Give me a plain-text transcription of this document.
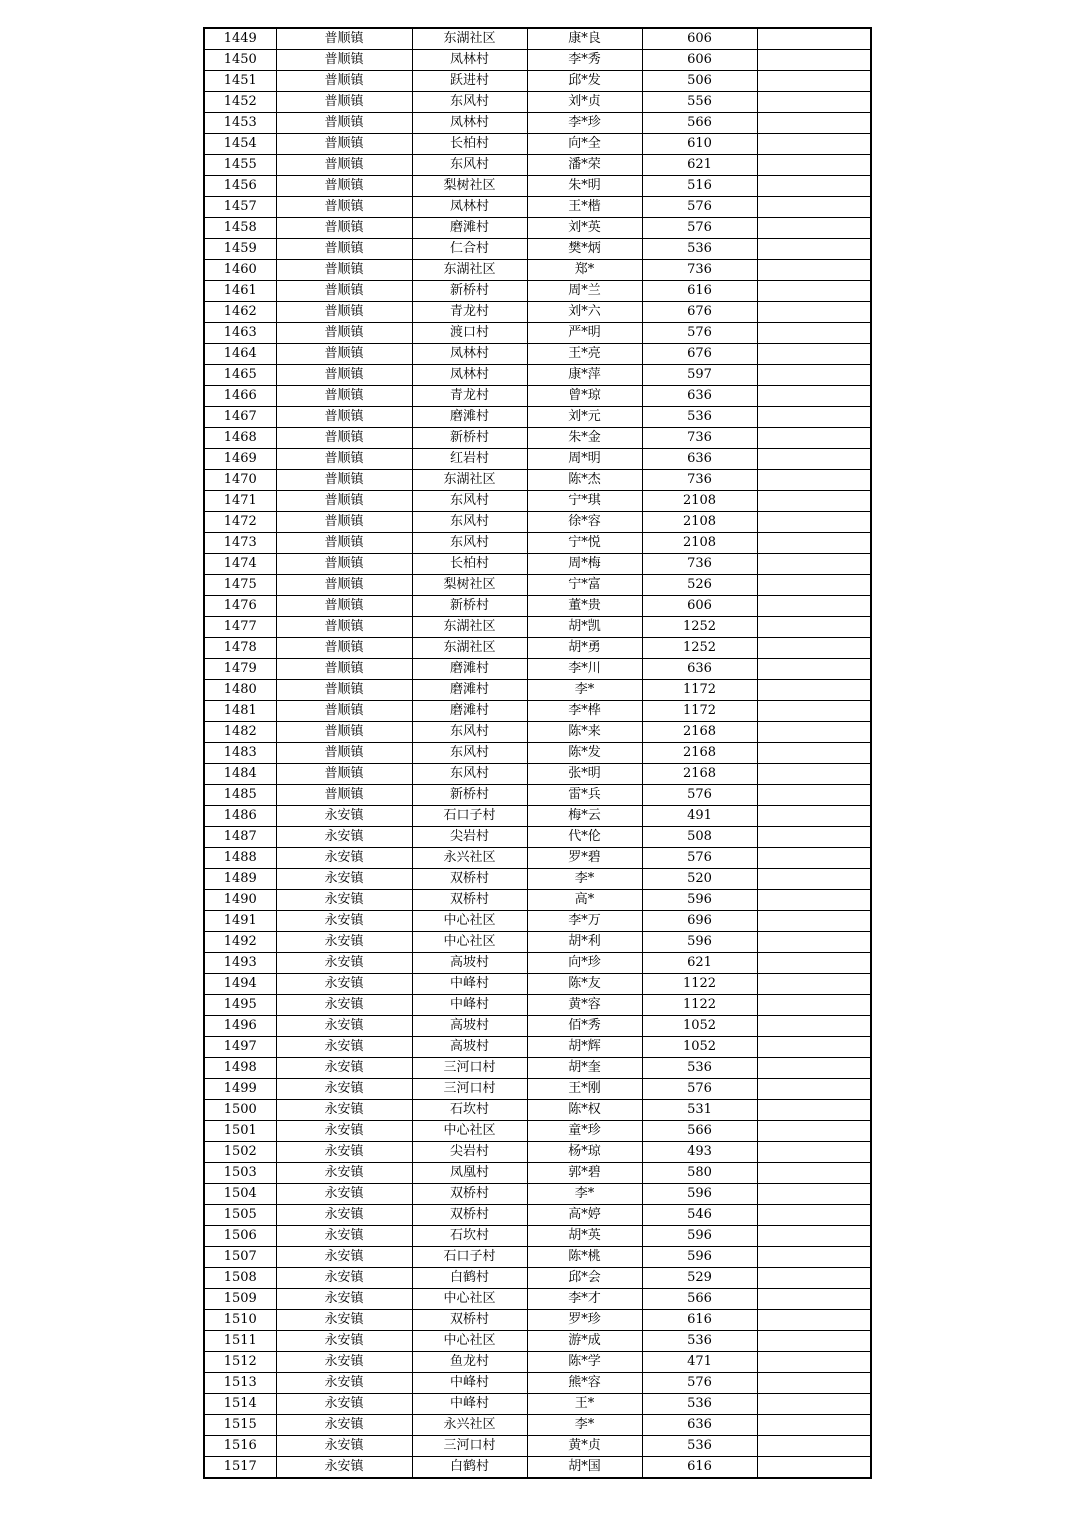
1449	普顺镇	东湖社区	康*良	606	
1450	普顺镇	凤林村	李*秀	606	
1451	普顺镇	跃进村	邱*发	506	
1452	普顺镇	东风村	刘*贞	556	
1453	普顺镇	凤林村	李*珍	566	
1454	普顺镇	长柏村	向*全	610	
1455	普顺镇	东风村	潘*荣	621	
1456	普顺镇	梨树社区	朱*明	516	
1457	普顺镇	凤林村	王*楷	576	
1458	普顺镇	磨滩村	刘*英	576	
1459	普顺镇	仁合村	樊*炳	536	
1460	普顺镇	东湖社区	郑*	736	
1461	普顺镇	新桥村	周*兰	616	
1462	普顺镇	青龙村	刘*六	676	
1463	普顺镇	渡口村	严*明	576	
1464	普顺镇	凤林村	王*亮	676	
1465	普顺镇	凤林村	康*萍	597	
1466	普顺镇	青龙村	曾*琼	636	
1467	普顺镇	磨滩村	刘*元	536	
1468	普顺镇	新桥村	朱*金	736	
1469	普顺镇	红岩村	周*明	636	
1470	普顺镇	东湖社区	陈*杰	736	
1471	普顺镇	东风村	宁*琪	2108	
1472	普顺镇	东风村	徐*容	2108	
1473	普顺镇	东风村	宁*悦	2108	
1474	普顺镇	长柏村	周*梅	736	
1475	普顺镇	梨树社区	宁*富	526	
1476	普顺镇	新桥村	董*贵	606	
1477	普顺镇	东湖社区	胡*凯	1252	
1478	普顺镇	东湖社区	胡*勇	1252	
1479	普顺镇	磨滩村	李*川	636	
1480	普顺镇	磨滩村	李*	1172	
1481	普顺镇	磨滩村	李*桦	1172	
1482	普顺镇	东风村	陈*来	2168	
1483	普顺镇	东风村	陈*发	2168	
1484	普顺镇	东风村	张*明	2168	
1485	普顺镇	新桥村	雷*兵	576	
1486	永安镇	石口子村	梅*云	491	
1487	永安镇	尖岩村	代*伦	508	
1488	永安镇	永兴社区	罗*碧	576	
1489	永安镇	双桥村	李*	520	
1490	永安镇	双桥村	高*	596	
1491	永安镇	中心社区	李*万	696	
1492	永安镇	中心社区	胡*利	596	
1493	永安镇	高坡村	向*珍	621	
1494	永安镇	中峰村	陈*友	1122	
1495	永安镇	中峰村	黄*容	1122	
1496	永安镇	高坡村	佰*秀	1052	
1497	永安镇	高坡村	胡*辉	1052	
1498	永安镇	三河口村	胡*奎	536	
1499	永安镇	三河口村	王*刚	576	
1500	永安镇	石坎村	陈*权	531	
1501	永安镇	中心社区	童*珍	566	
1502	永安镇	尖岩村	杨*琼	493	
1503	永安镇	凤凰村	郭*碧	580	
1504	永安镇	双桥村	李*	596	
1505	永安镇	双桥村	高*婷	546	
1506	永安镇	石坎村	胡*英	596	
1507	永安镇	石口子村	陈*桃	596	
1508	永安镇	白鹤村	邱*会	529	
1509	永安镇	中心社区	李*才	566	
1510	永安镇	双桥村	罗*珍	616	
1511	永安镇	中心社区	游*成	536	
1512	永安镇	鱼龙村	陈*学	471	
1513	永安镇	中峰村	熊*容	576	
1514	永安镇	中峰村	王*	536	
1515	永安镇	永兴社区	李*	636	
1516	永安镇	三河口村	黄*贞	536	
1517	永安镇	白鹤村	胡*国	616	
